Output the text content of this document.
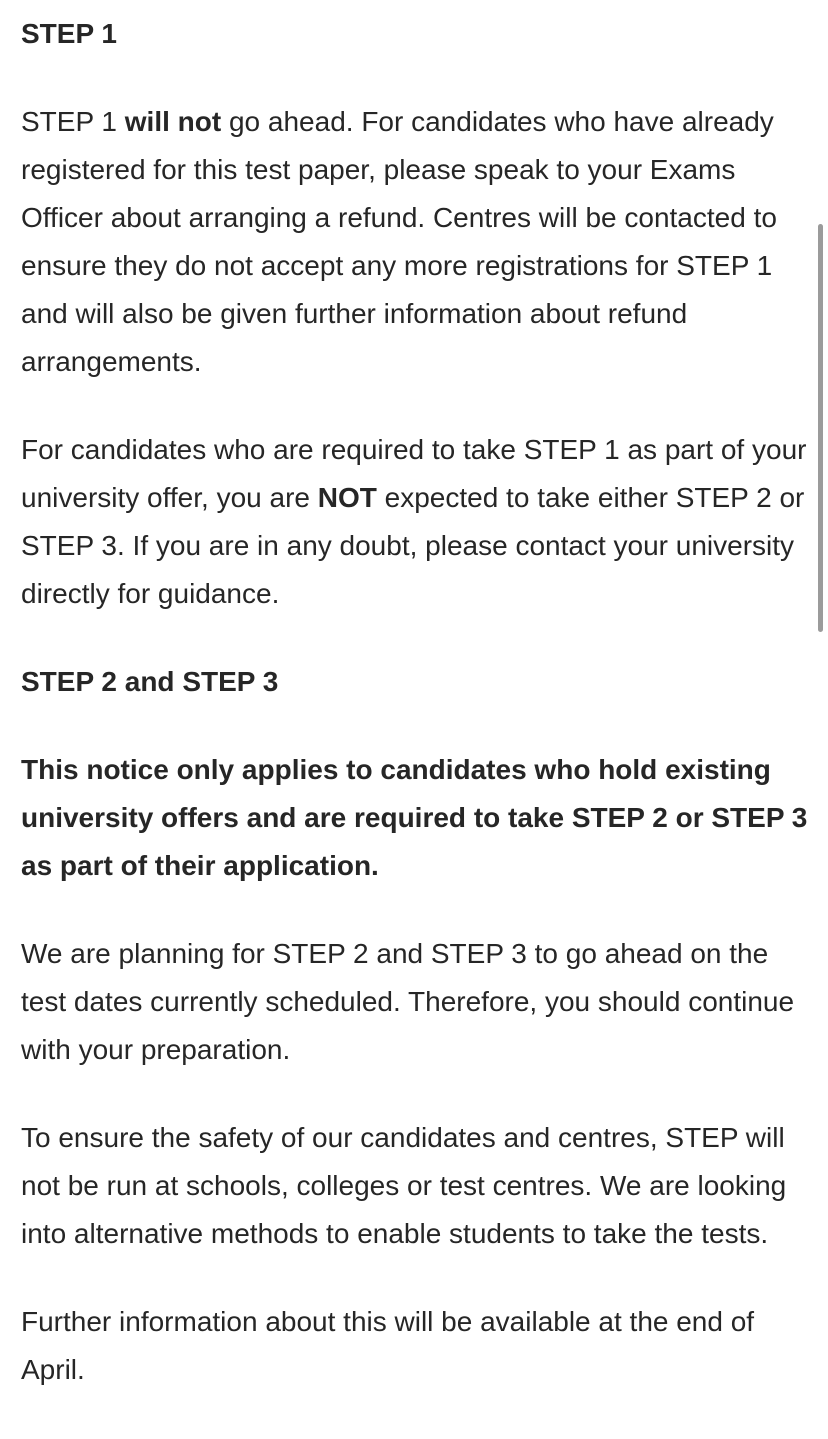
STEP 1

STEP 1 will not go ahead. For candidates who have already registered for this test paper, please speak to your Exams Officer about arranging a refund. Centres will be contacted to ensure they do not accept any more registrations for STEP 1 and will also be given further information about refund arrangements.

For candidates who are required to take STEP 1 as part of your university offer, you are NOT expected to take either STEP 2 or STEP 3. If you are in any doubt, please contact your university directly for guidance.

STEP 2 and STEP 3

This notice only applies to candidates who hold existing university offers and are required to take STEP 2 or STEP 3 as part of their application.

We are planning for STEP 2 and STEP 3 to go ahead on the test dates currently scheduled. Therefore, you should continue with your preparation.

To ensure the safety of our candidates and centres, STEP will not be run at schools, colleges or test centres. We are looking into alternative methods to enable students to take the tests.

Further information about this will be available at the end of April.
